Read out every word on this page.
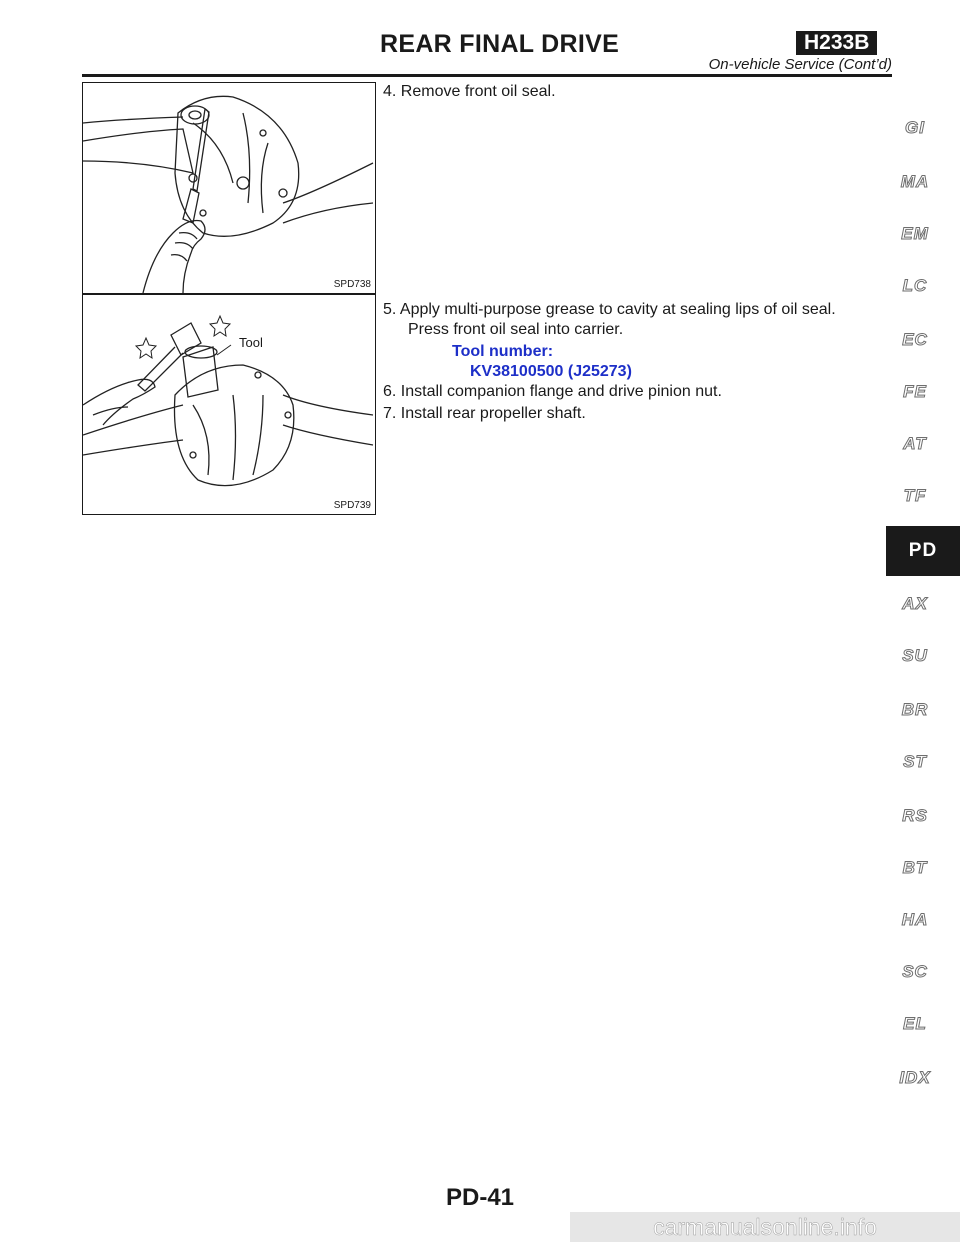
REAR FINAL DRIVE	H233B
On-vehicle Service (Cont’d)
SPD738
Tool
SPD739
4. Remove front oil seal.
5. Apply multi-purpose grease to cavity at sealing lips of oil seal.
Press front oil seal into carrier.
Tool number:
KV38100500 (J25273)
6. Install companion flange and drive pinion nut.
7. Install rear propeller shaft.
GI
MA
EM
LC
EC
FE
AT
TF
PD
AX
SU
BR
ST
RS
BT
HA
SC
EL
IDX
PD-41
carmanualsonline.info
